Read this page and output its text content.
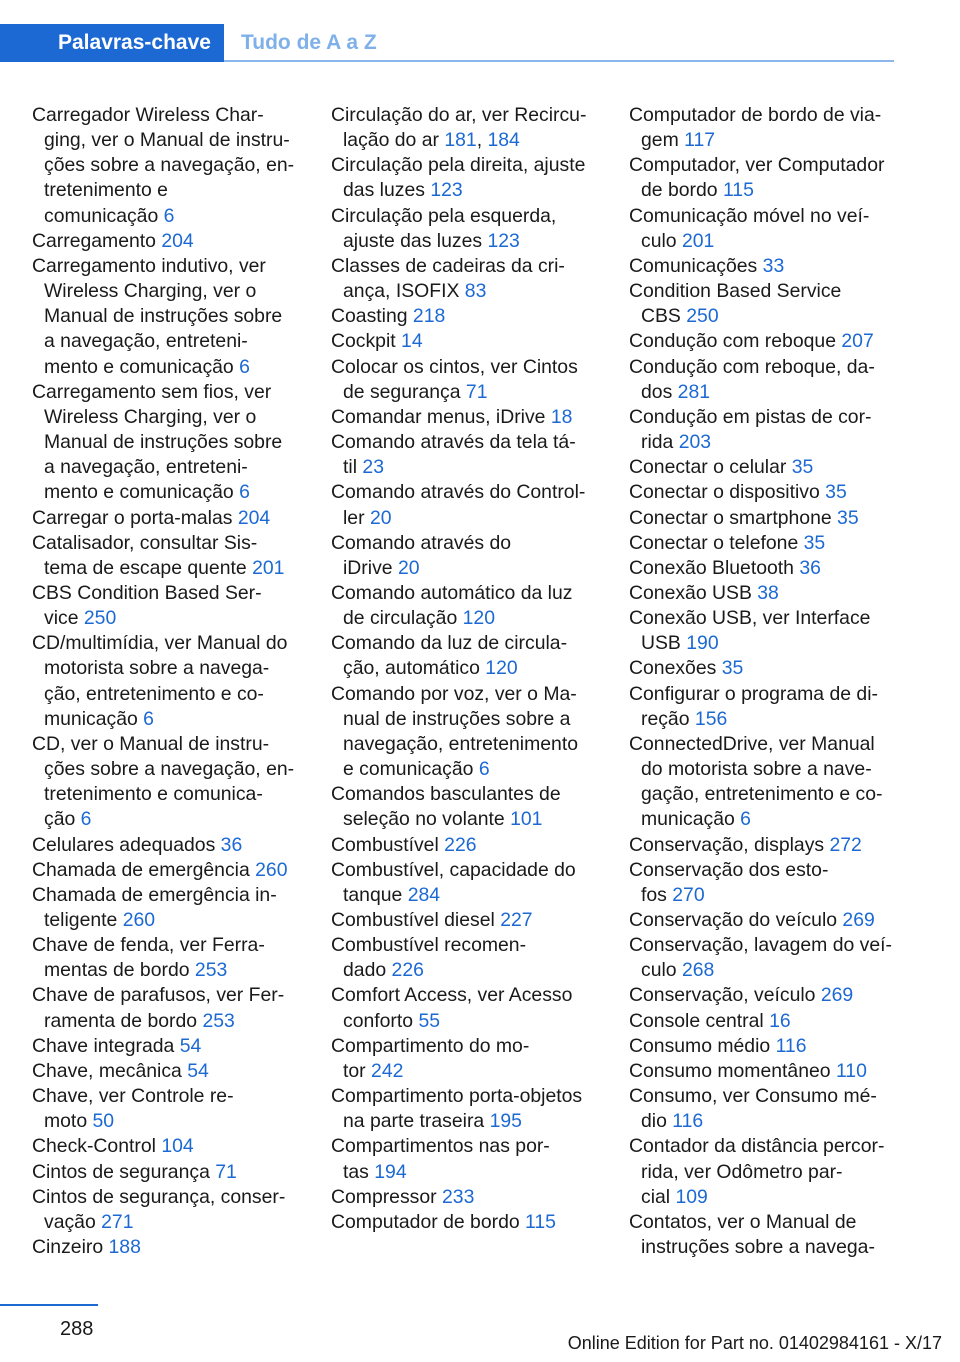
Palavras-chave	Tudo de A a Z
Carregador Wireless Char-
ging, ver o Manual de instru-
ções sobre a navegação, en-
tretenimento e
comunicação 6
Carregamento 204
Carregamento indutivo, ver
Wireless Charging, ver o
Manual de instruções sobre
a navegação, entreteni-
mento e comunicação 6
Carregamento sem fios, ver
Wireless Charging, ver o
Manual de instruções sobre
a navegação, entreteni-
mento e comunicação 6
Carregar o porta-malas 204
Catalisador, consultar Sis-
tema de escape quente 201
CBS Condition Based Ser-
vice 250
CD/multimídia, ver Manual do
motorista sobre a navega-
ção, entretenimento e co-
municação 6
CD, ver o Manual de instru-
ções sobre a navegação, en-
tretenimento e comunica-
ção 6
Celulares adequados 36
Chamada de emergência 260
Chamada de emergência in-
teligente 260
Chave de fenda, ver Ferra-
mentas de bordo 253
Chave de parafusos, ver Fer-
ramenta de bordo 253
Chave integrada 54
Chave, mecânica 54
Chave, ver Controle re-
moto 50
Check-Control 104
Cintos de segurança 71
Cintos de segurança, conser-
vação 271
Cinzeiro 188
Circulação do ar, ver Recircu-
lação do ar 181, 184
Circulação pela direita, ajuste
das luzes 123
Circulação pela esquerda,
ajuste das luzes 123
Classes de cadeiras da cri-
ança, ISOFIX 83
Coasting 218
Cockpit 14
Colocar os cintos, ver Cintos
de segurança 71
Comandar menus, iDrive 18
Comando através da tela tá-
til 23
Comando através do Control-
ler 20
Comando através do
iDrive 20
Comando automático da luz
de circulação 120
Comando da luz de circula-
ção, automático 120
Comando por voz, ver o Ma-
nual de instruções sobre a
navegação, entretenimento
e comunicação 6
Comandos basculantes de
seleção no volante 101
Combustível 226
Combustível, capacidade do
tanque 284
Combustível diesel 227
Combustível recomen-
dado 226
Comfort Access, ver Acesso
conforto 55
Compartimento do mo-
tor 242
Compartimento porta-objetos
na parte traseira 195
Compartimentos nas por-
tas 194
Compressor 233
Computador de bordo 115
Computador de bordo de via-
gem 117
Computador, ver Computador
de bordo 115
Comunicação móvel no veí-
culo 201
Comunicações 33
Condition Based Service
CBS 250
Condução com reboque 207
Condução com reboque, da-
dos 281
Condução em pistas de cor-
rida 203
Conectar o celular 35
Conectar o dispositivo 35
Conectar o smartphone 35
Conectar o telefone 35
Conexão Bluetooth 36
Conexão USB 38
Conexão USB, ver Interface
USB 190
Conexões 35
Configurar o programa de di-
reção 156
ConnectedDrive, ver Manual
do motorista sobre a nave-
gação, entretenimento e co-
municação 6
Conservação, displays 272
Conservação dos esto-
fos 270
Conservação do veículo 269
Conservação, lavagem do veí-
culo 268
Conservação, veículo 269
Console central 16
Consumo médio 116
Consumo momentâneo 110
Consumo, ver Consumo mé-
dio 116
Contador da distância percor-
rida, ver Odômetro par-
cial 109
Contatos, ver o Manual de
instruções sobre a navega-
288
Online Edition for Part no. 01402984161 - X/17
